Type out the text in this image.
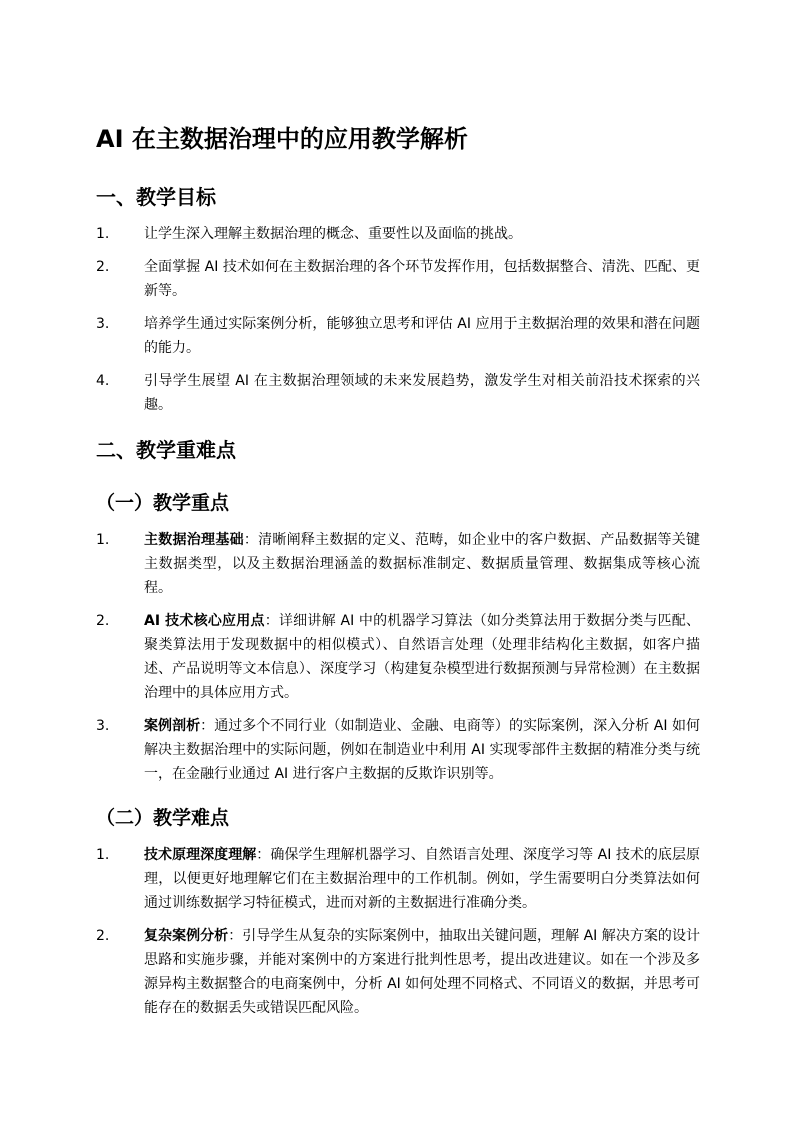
AI 在主数据治理中的应用教学解析
一、教学目标
1. 让学生深入理解主数据治理的概念、重要性以及面临的挑战。
2. 全面掌握 AI 技术如何在主数据治理的各个环节发挥作用，包括数据整合、清洗、匹配、更新等。
3. 培养学生通过实际案例分析，能够独立思考和评估 AI 应用于主数据治理的效果和潜在问题的能力。
4. 引导学生展望 AI 在主数据治理领域的未来发展趋势，激发学生对相关前沿技术探索的兴趣。
二、教学重难点
（一）教学重点
1. 主数据治理基础：清晰阐释主数据的定义、范畴，如企业中的客户数据、产品数据等关键主数据类型，以及主数据治理涵盖的数据标准制定、数据质量管理、数据集成等核心流程。
2. AI 技术核心应用点：详细讲解 AI 中的机器学习算法（如分类算法用于数据分类与匹配、聚类算法用于发现数据中的相似模式）、自然语言处理（处理非结构化主数据，如客户描述、产品说明等文本信息）、深度学习（构建复杂模型进行数据预测与异常检测）在主数据治理中的具体应用方式。
3. 案例剖析：通过多个不同行业（如制造业、金融、电商等）的实际案例，深入分析 AI 如何解决主数据治理中的实际问题，例如在制造业中利用 AI 实现零部件主数据的精准分类与统一，在金融行业通过 AI 进行客户主数据的反欺诈识别等。
（二）教学难点
1. 技术原理深度理解：确保学生理解机器学习、自然语言处理、深度学习等 AI 技术的底层原理，以便更好地理解它们在主数据治理中的工作机制。例如，学生需要明白分类算法如何通过训练数据学习特征模式，进而对新的主数据进行准确分类。
2. 复杂案例分析：引导学生从复杂的实际案例中，抽取出关键问题，理解 AI 解决方案的设计思路和实施步骤，并能对案例中的方案进行批判性思考，提出改进建议。如在一个涉及多源异构主数据整合的电商案例中，分析 AI 如何处理不同格式、不同语义的数据，并思考可能存在的数据丢失或错误匹配风险。
